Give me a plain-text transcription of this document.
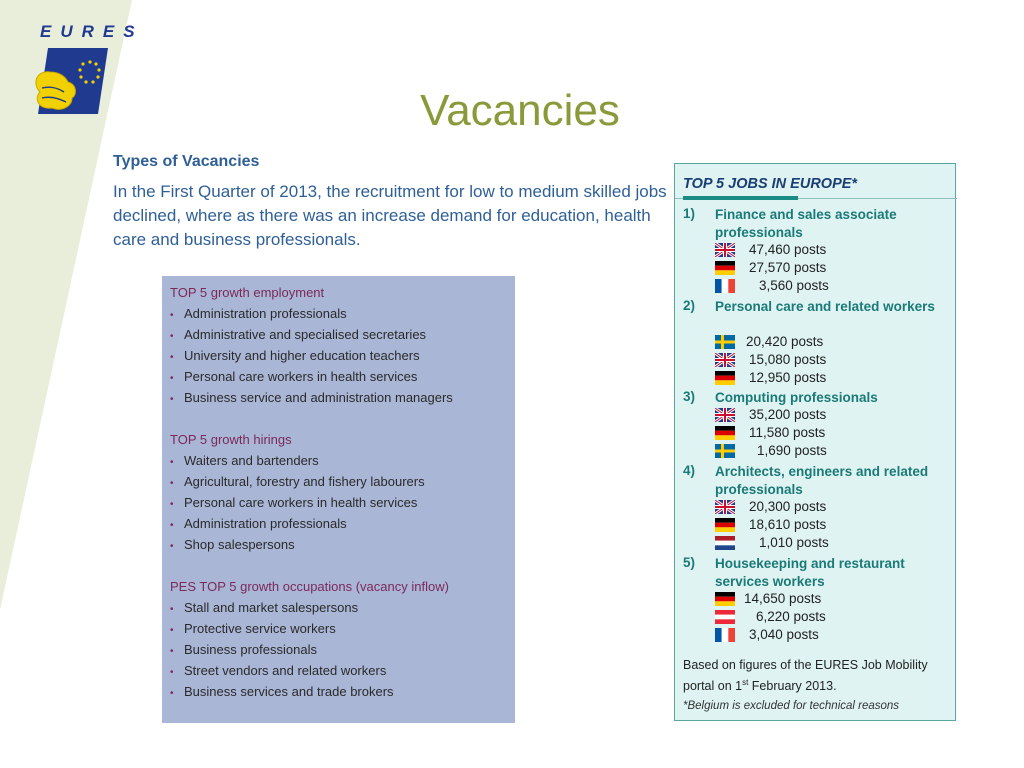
EURES
Vacancies
Types of Vacancies
In the First Quarter of 2013, the recruitment for low to medium skilled jobs declined, where as there was an increase demand for education, health care and business professionals.
TOP 5 growth employment
• Administration professionals
• Administrative and specialised secretaries
• University and higher education teachers
• Personal care workers in health services
• Business service and administration managers
TOP 5 growth hirings
• Waiters and bartenders
• Agricultural, forestry and fishery labourers
• Personal care workers in health services
• Administration professionals
• Shop salespersons
PES TOP 5 growth occupations (vacancy inflow)
• Stall and market salespersons
• Protective service workers
• Business professionals
• Street vendors and related workers
• Business services and trade brokers
TOP 5 JOBS IN EUROPE*
1) Finance and sales associate professionals
47,460 posts
27,570 posts
3,560 posts
2) Personal care and related workers
20,420 posts
15,080 posts
12,950 posts
3) Computing professionals
35,200 posts
11,580 posts
1,690 posts
4) Architects, engineers and related professionals
20,300 posts
18,610 posts
1,010 posts
5) Housekeeping and restaurant services workers
14,650 posts
6,220 posts
3,040 posts
Based on figures of the EURES Job Mobility portal on 1st February 2013.
*Belgium is excluded for technical reasons
